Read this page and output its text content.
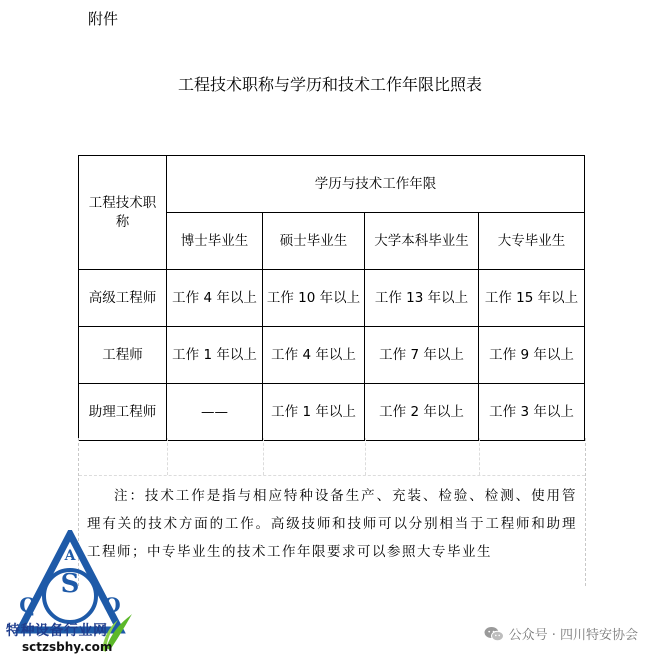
附件
工程技术职称与学历和技术工作年限比照表
工程技术职称	学历与技术工作年限			
	博士毕业生	硕士毕业生	大学本科毕业生	大专毕业生
高级工程师	工作 4 年以上	工作 10 年以上	工作 13 年以上	工作 15 年以上
工程师	工作 1 年以上	工作 4 年以上	工作 7 年以上	工作 9 年以上
助理工程师	——	工作 1 年以上	工作 2 年以上	工作 3 年以上

注：技术工作是指与相应特种设备生产、充装、检验、检测、使用管理有关的技术方面的工作。高级技师和技师可以分别相当于工程师和助理工程师；中专毕业生的技术工作年限要求可以参照大专毕业生

S
Q	O
A
特种设备行业网
sctzsbhy.com
公众号 · 四川特安协会
